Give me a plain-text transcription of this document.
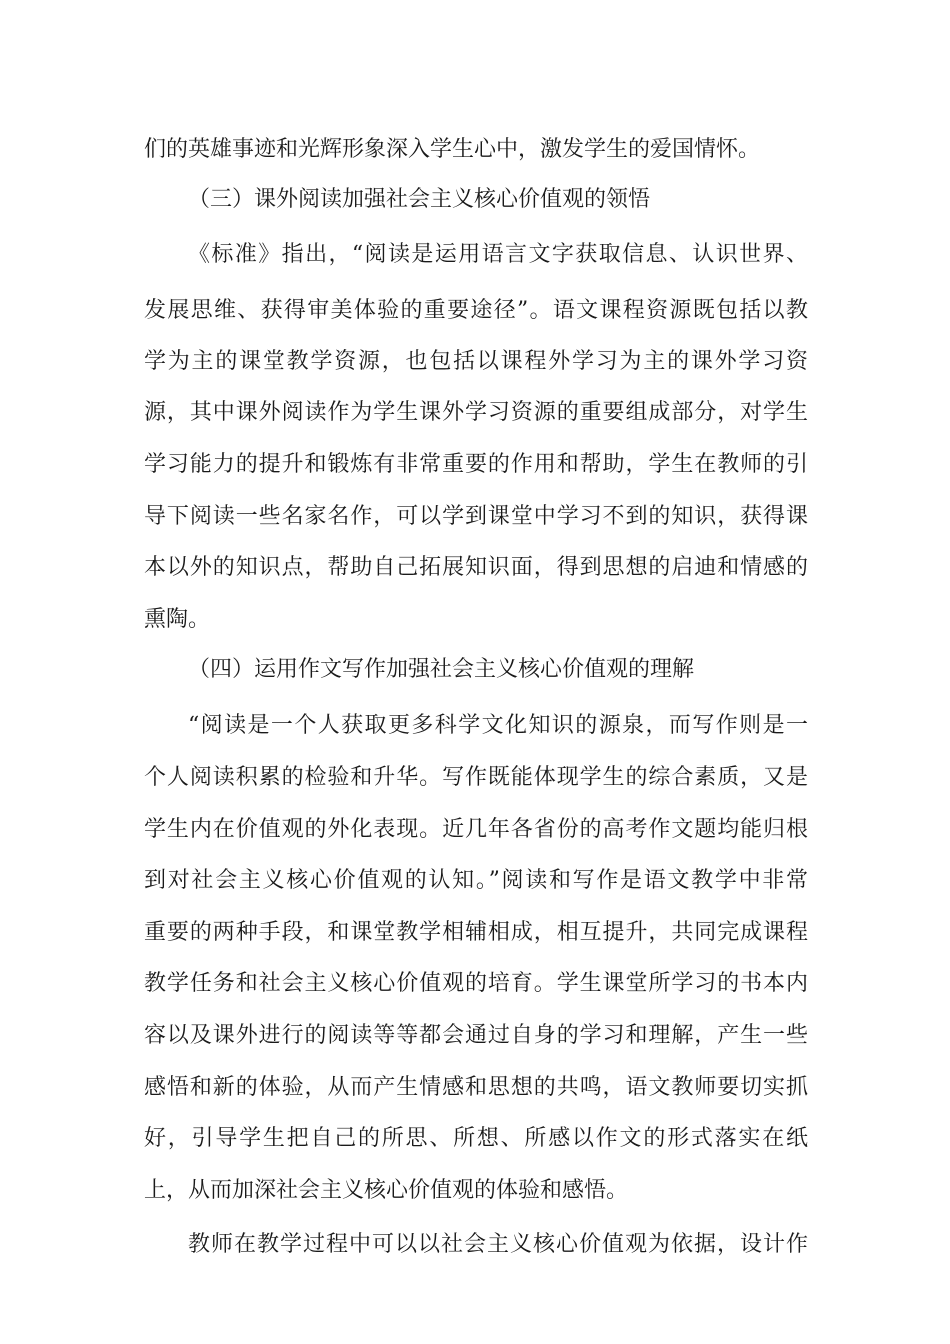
们的英雄事迹和光辉形象深入学生心中，激发学生的爱国情怀。
（三）课外阅读加强社会主义核心价值观的领悟
《标准》指出，“阅读是运用语言文字获取信息、认识世界、
发展思维、获得审美体验的重要途径”。语文课程资源既包括以教
学为主的课堂教学资源，也包括以课程外学习为主的课外学习资
源，其中课外阅读作为学生课外学习资源的重要组成部分，对学生
学习能力的提升和锻炼有非常重要的作用和帮助，学生在教师的引
导下阅读一些名家名作，可以学到课堂中学习不到的知识，获得课
本以外的知识点，帮助自己拓展知识面，得到思想的启迪和情感的
熏陶。
（四）运用作文写作加强社会主义核心价值观的理解
“阅读是一个人获取更多科学文化知识的源泉，而写作则是一
个人阅读积累的检验和升华。写作既能体现学生的综合素质，又是
学生内在价值观的外化表现。近几年各省份的高考作文题均能归根
到对社会主义核心价值观的认知。”阅读和写作是语文教学中非常
重要的两种手段，和课堂教学相辅相成，相互提升，共同完成课程
教学任务和社会主义核心价值观的培育。学生课堂所学习的书本内
容以及课外进行的阅读等等都会通过自身的学习和理解，产生一些
感悟和新的体验，从而产生情感和思想的共鸣，语文教师要切实抓
好，引导学生把自己的所思、所想、所感以作文的形式落实在纸
上，从而加深社会主义核心价值观的体验和感悟。
教师在教学过程中可以以社会主义核心价值观为依据，设计作
